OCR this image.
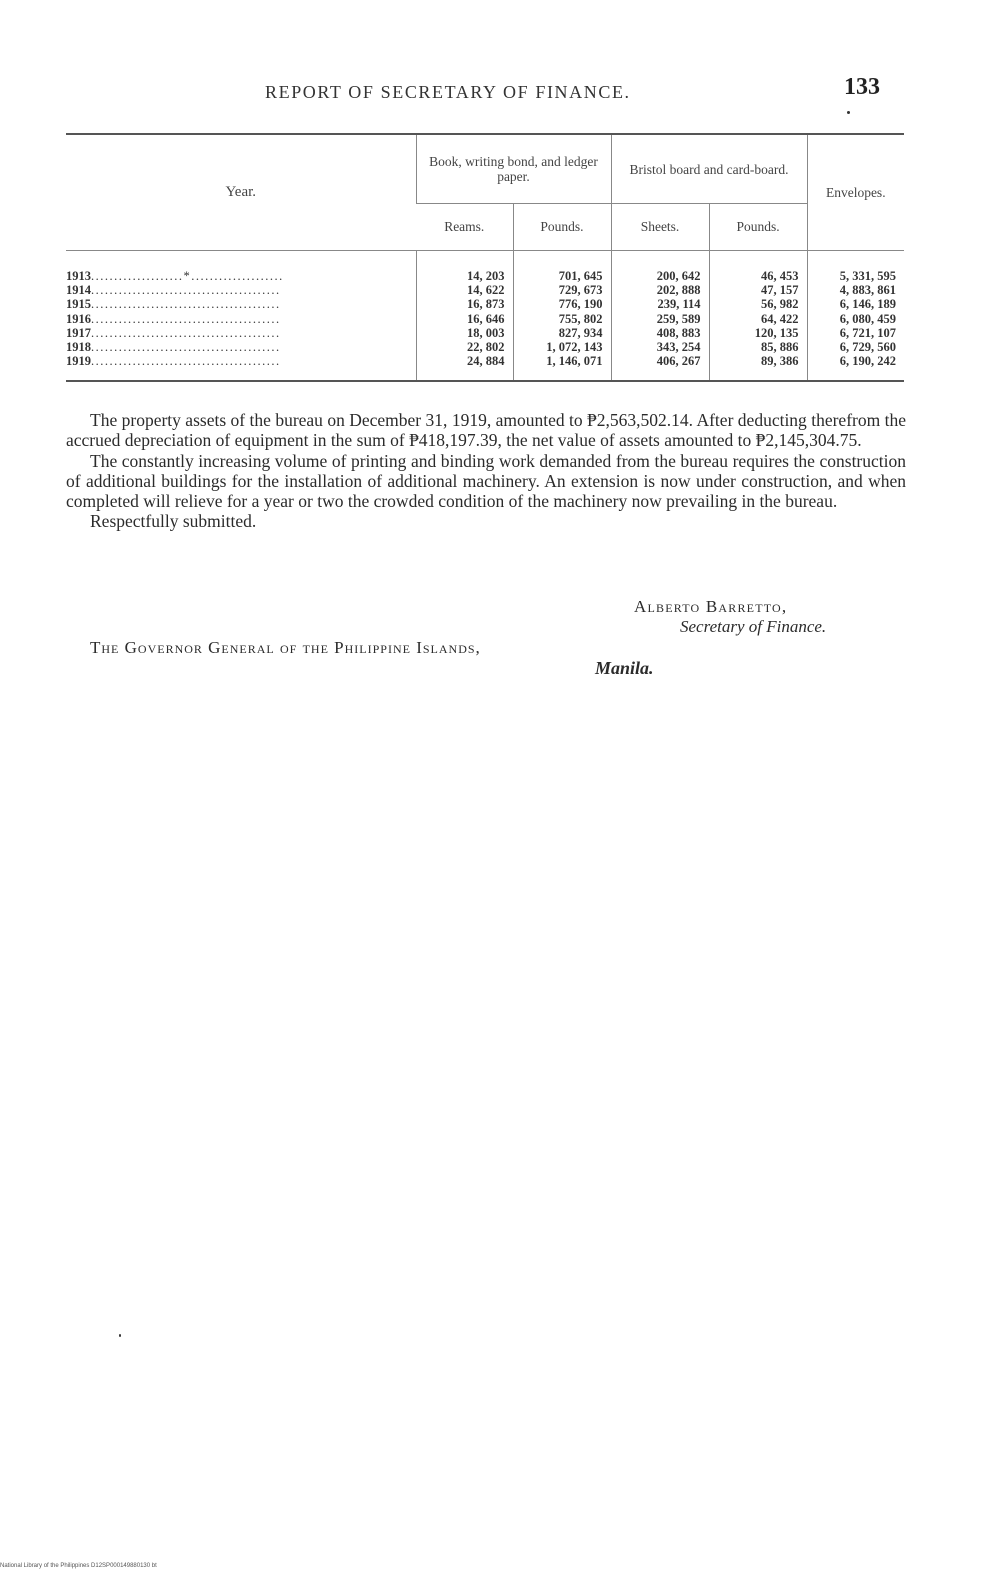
REPORT OF SECRETARY OF FINANCE.	133
Year.	Book, writing bond, and ledger paper.		Bristol board and card-board.		Envelopes.
	Reams.	Pounds.	Sheets.	Pounds.	
1913....................*....................	14, 203	701, 645	200, 642	46, 453	5, 331, 595
1914.........................................	14, 622	729, 673	202, 888	47, 157	4, 883, 861
1915.........................................	16, 873	776, 190	239, 114	56, 982	6, 146, 189
1916.........................................	16, 646	755, 802	259, 589	64, 422	6, 080, 459
1917.........................................	18, 003	827, 934	408, 883	120, 135	6, 721, 107
1918.........................................	22, 802	1, 072, 143	343, 254	85, 886	6, 729, 560
1919.........................................	24, 884	1, 146, 071	406, 267	89, 386	6, 190, 242

The property assets of the bureau on December 31, 1919, amounted to ₱2,563,502.14. After deducting therefrom the accrued depreciation of equipment in the sum of ₱418,197.39, the net value of assets amounted to ₱2,145,304.75.

The constantly increasing volume of printing and binding work demanded from the bureau requires the construction of additional buildings for the installation of additional machinery. An extension is now under construction, and when completed will relieve for a year or two the crowded condition of the machinery now prevailing in the bureau.

Respectfully submitted.

Alberto Barretto,
Secretary of Finance.
The Governor General of the Philippine Islands,
Manila.
National Library of the Philippines D12SP000149880130 bt
